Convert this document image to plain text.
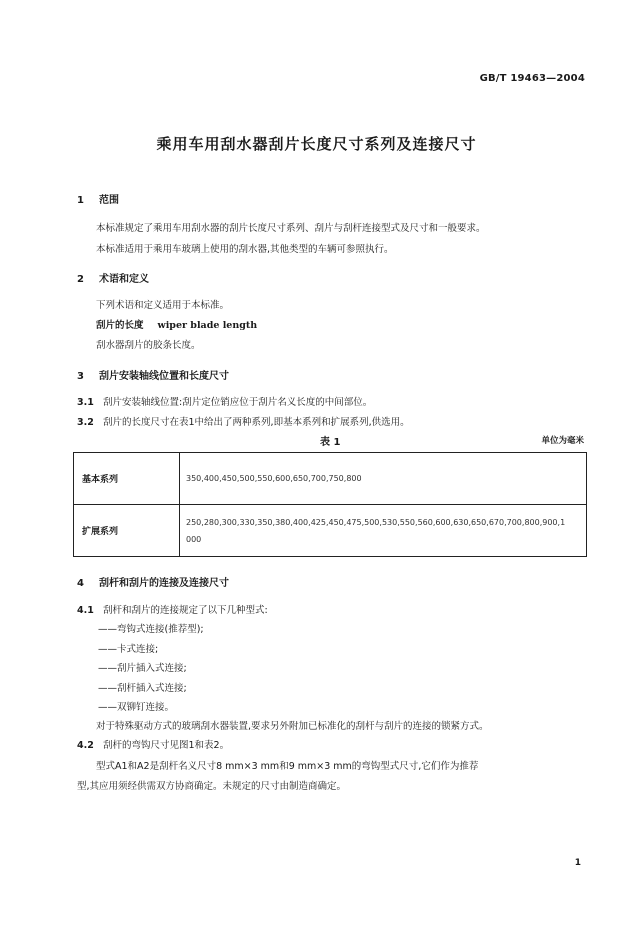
GB/T 19463—2004
乘用车用刮水器刮片长度尺寸系列及连接尺寸
1 范围
本标准规定了乘用车用刮水器的刮片长度尺寸系列、刮片与刮杆连接型式及尺寸和一般要求。
本标准适用于乘用车玻璃上使用的刮水器,其他类型的车辆可参照执行。
2 术语和定义
下列术语和定义适用于本标准。
刮片的长度 wiper blade length
刮水器刮片的胶条长度。
3 刮片安装轴线位置和长度尺寸
3.1 刮片安装轴线位置:刮片定位销应位于刮片名义长度的中间部位。
3.2 刮片的长度尺寸在表1中给出了两种系列,即基本系列和扩展系列,供选用。
表 1	单位为毫米
基本系列	350,400,450,500,550,600,650,700,750,800
扩展系列	250,280,300,330,350,380,400,425,450,475,500,530,550,560,600,630,650,670,700,800,900,1 000
4 刮杆和刮片的连接及连接尺寸
4.1 刮杆和刮片的连接规定了以下几种型式:
——弯钩式连接(推荐型);
——卡式连接;
——刮片插入式连接;
——刮杆插入式连接;
——双铆钉连接。
对于特殊驱动方式的玻璃刮水器装置,要求另外附加已标准化的刮杆与刮片的连接的锁紧方式。
4.2 刮杆的弯钩尺寸见图1和表2。
型式A1和A2是刮杆名义尺寸8 mm×3 mm和9 mm×3 mm的弯钩型式尺寸,它们作为推荐
型,其应用须经供需双方协商确定。未规定的尺寸由制造商确定。
1
